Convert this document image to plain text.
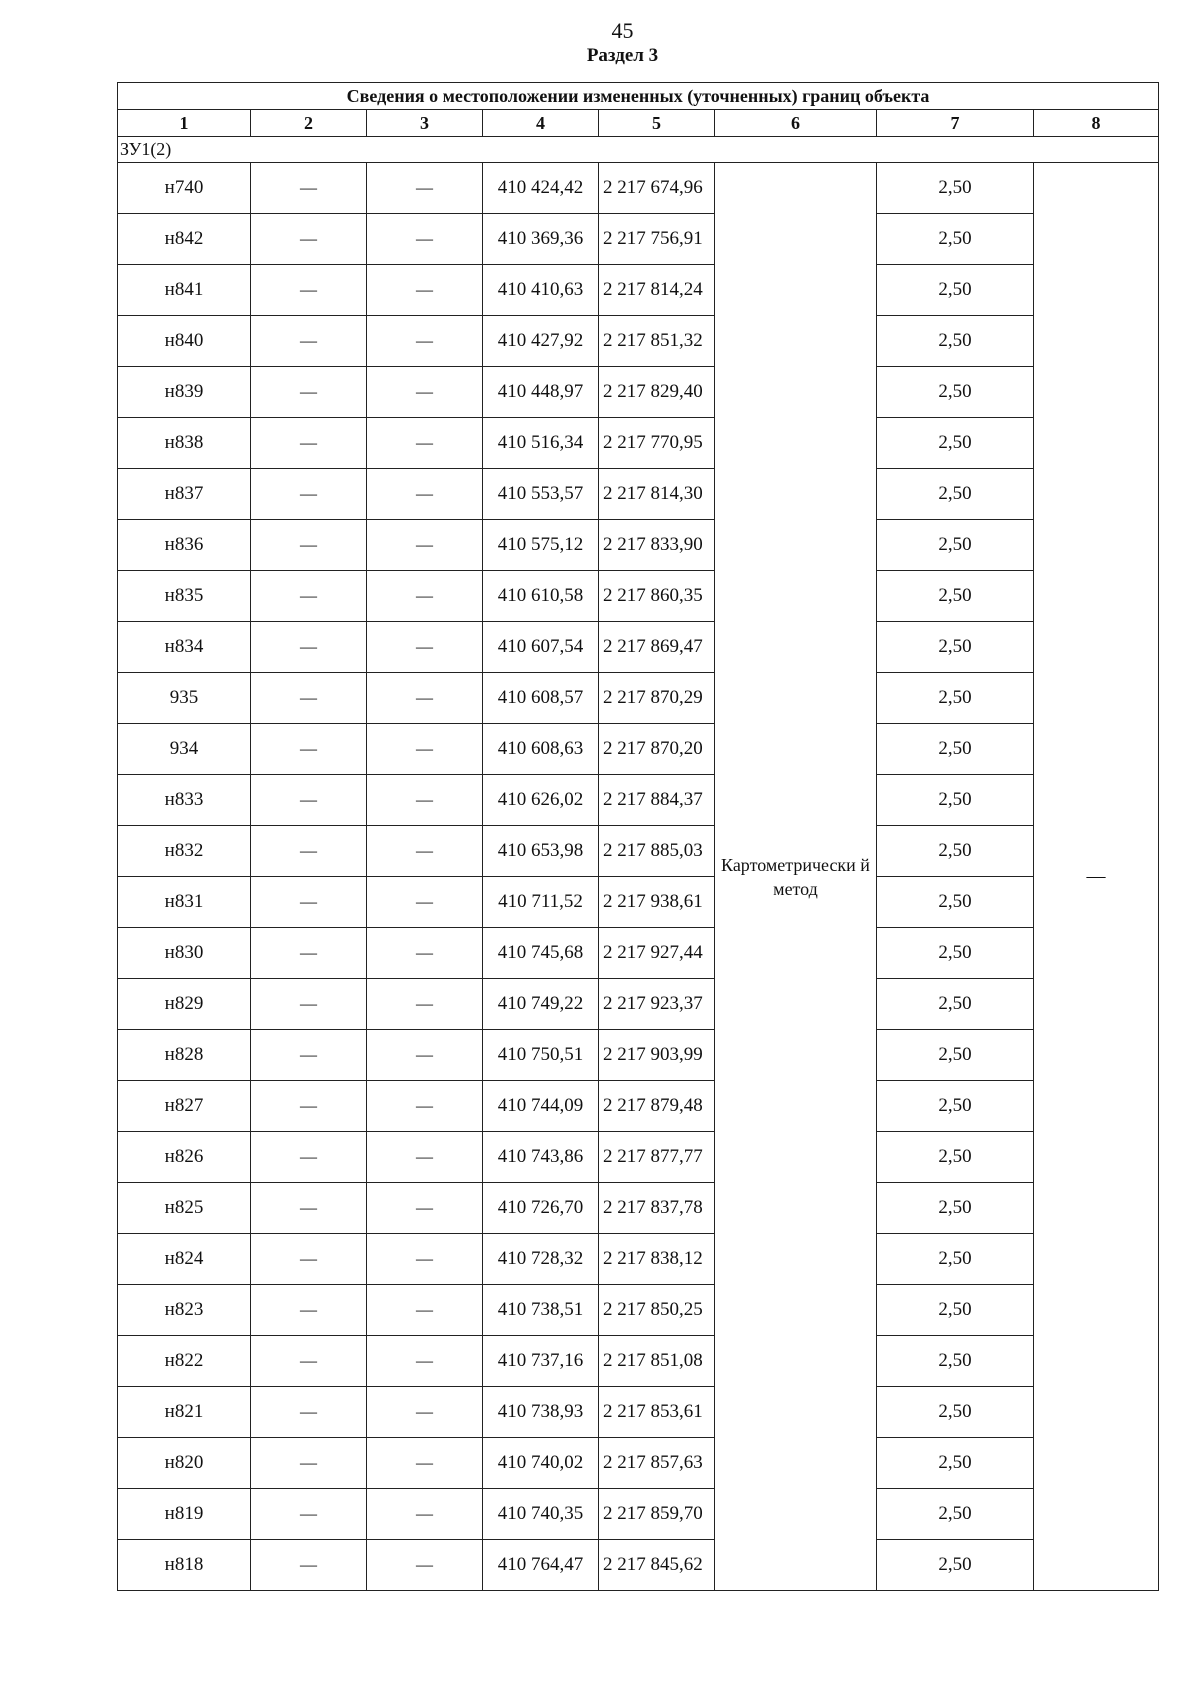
45
Раздел 3
Сведения о местоположении измененных (уточненных) границ объекта							
1	2	3	4	5	6	7	8
ЗУ1(2)							
н740	—	—	410 424,42	2 217 674,96	Картометрически й метод	2,50	—
н842	—	—	410 369,36	2 217 756,91		2,50	
н841	—	—	410 410,63	2 217 814,24		2,50	
н840	—	—	410 427,92	2 217 851,32		2,50	
н839	—	—	410 448,97	2 217 829,40		2,50	
н838	—	—	410 516,34	2 217 770,95		2,50	
н837	—	—	410 553,57	2 217 814,30		2,50	
н836	—	—	410 575,12	2 217 833,90		2,50	
н835	—	—	410 610,58	2 217 860,35		2,50	
н834	—	—	410 607,54	2 217 869,47		2,50	
935	—	—	410 608,57	2 217 870,29		2,50	
934	—	—	410 608,63	2 217 870,20		2,50	
н833	—	—	410 626,02	2 217 884,37		2,50	
н832	—	—	410 653,98	2 217 885,03		2,50	
н831	—	—	410 711,52	2 217 938,61		2,50	
н830	—	—	410 745,68	2 217 927,44		2,50	
н829	—	—	410 749,22	2 217 923,37		2,50	
н828	—	—	410 750,51	2 217 903,99		2,50	
н827	—	—	410 744,09	2 217 879,48		2,50	
н826	—	—	410 743,86	2 217 877,77		2,50	
н825	—	—	410 726,70	2 217 837,78		2,50	
н824	—	—	410 728,32	2 217 838,12		2,50	
н823	—	—	410 738,51	2 217 850,25		2,50	
н822	—	—	410 737,16	2 217 851,08		2,50	
н821	—	—	410 738,93	2 217 853,61		2,50	
н820	—	—	410 740,02	2 217 857,63		2,50	
н819	—	—	410 740,35	2 217 859,70		2,50	
н818	—	—	410 764,47	2 217 845,62		2,50	
